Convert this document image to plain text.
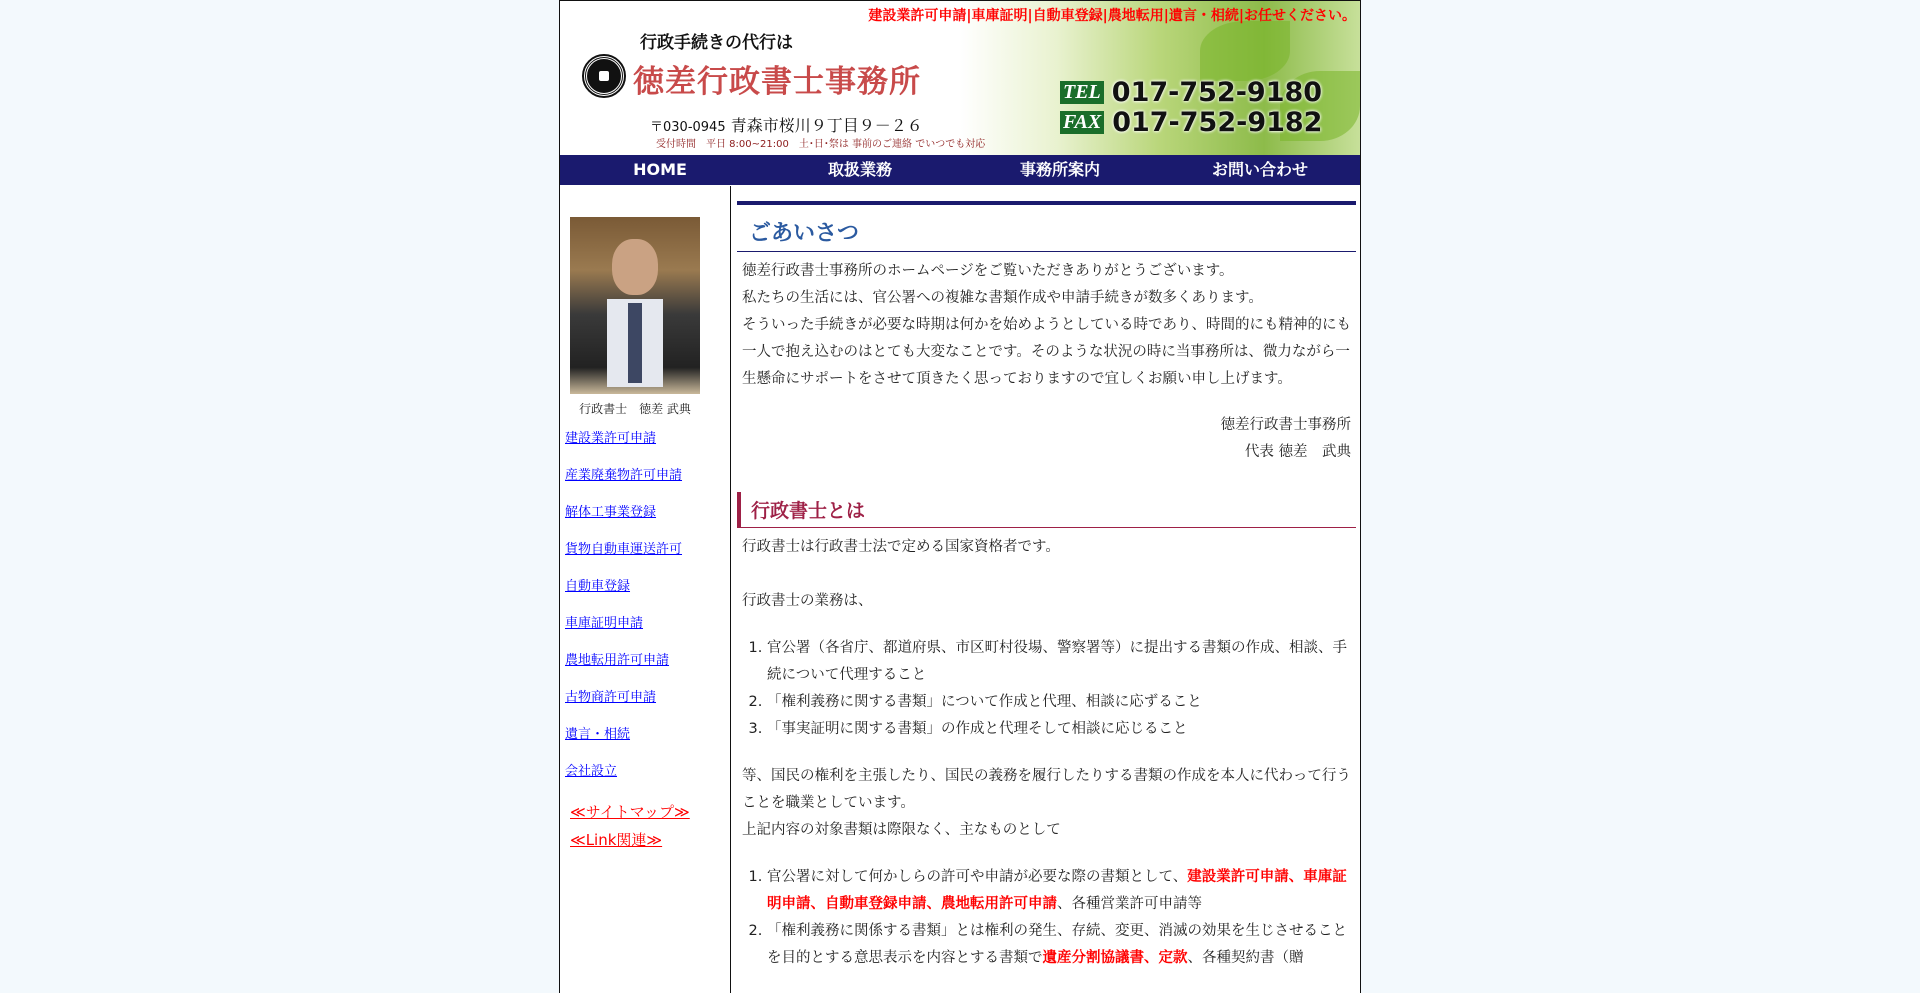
建設業許可申請|車庫証明|自動車登録|農地転用|遺言・相続|お任せください。
行政手続きの代行は
徳差行政書士事務所
〒030-0945 青森市桜川９丁目９－２６
受付時間　平日 8:00~21:00　土･日･祭は 事前のご連絡 でいつでも対応
TEL 017-752-9180
FAX 017-752-9182
HOME	取扱業務	事務所案内	お問い合わせ
行政書士　徳差 武典
建設業許可申請
産業廃棄物許可申請
解体工事業登録
貨物自動車運送許可
自動車登録
車庫証明申請
農地転用許可申請
古物商許可申請
遺言・相続
会社設立
≪サイトマップ≫
≪Link関連≫
ごあいさつ

徳差行政書士事務所のホームページをご覧いただきありがとうございます。

私たちの生活には、官公署への複雑な書類作成や申請手続きが数多くあります。

そういった手続きが必要な時期は何かを始めようとしている時であり、時間的にも精神的にも一人で抱え込むのはとても大変なことです。そのような状況の時に当事務所は、微力ながら一生懸命にサポートをさせて頂きたく思っておりますので宜しくお願い申し上げます。

徳差行政書士事務所

代表 徳差　武典

行政書士とは

行政書士は行政書士法で定める国家資格者です。

行政書士の業務は、

1. 官公署（各省庁、都道府県、市区町村役場、警察署等）に提出する書類の作成、相談、手続について代理すること
2. 「権利義務に関する書類」について作成と代理、相談に応ずること
3. 「事実証明に関する書類」の作成と代理そして相談に応じること

等、国民の権利を主張したり、国民の義務を履行したりする書類の作成を本人に代わって行うことを職業としています。

上記内容の対象書類は際限なく、主なものとして

1. 官公署に対して何かしらの許可や申請が必要な際の書類として、建設業許可申請、車庫証明申請、自動車登録申請、農地転用許可申請、各種営業許可申請等
2. 「権利義務に関係する書類」とは権利の発生、存続、変更、消滅の効果を生じさせることを目的とする意思表示を内容とする書類で遺産分割協議書、定款、各種契約書（贈
